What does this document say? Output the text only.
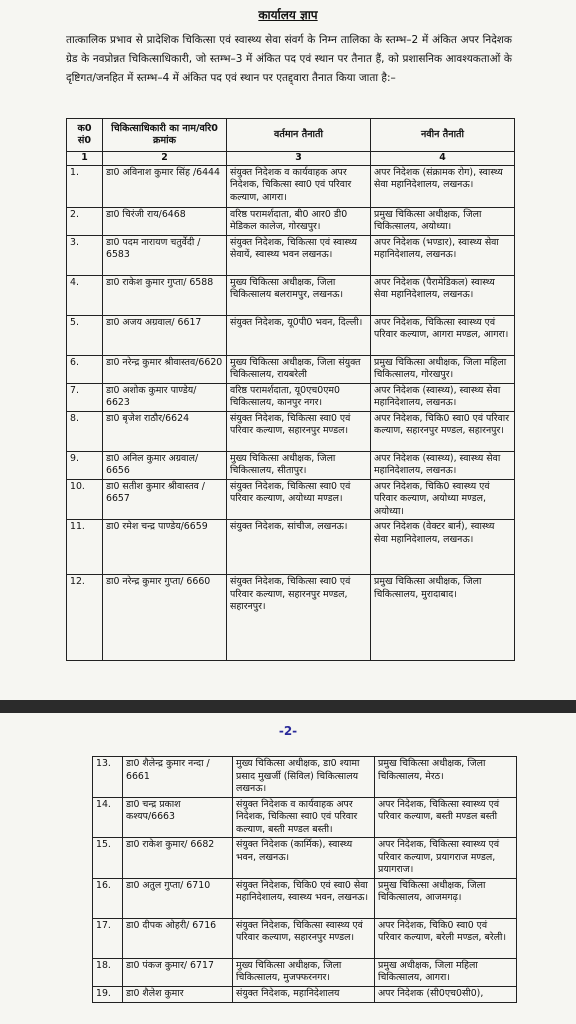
कार्यालय ज्ञाप
तात्कालिक प्रभाव से प्रादेशिक चिकित्सा एवं स्वास्थ्य सेवा संवर्ग के निम्न तालिका के स्तम्भ–2 में अंकित अपर निदेशक ग्रेड के नवप्रोन्नत चिकित्साधिकारी, जो स्तम्भ–3 में अंकित पद एवं स्थान पर तैनात हैं, को प्रशासनिक आवश्यकताओं के दृष्टिगत/जनहित में स्तम्भ–4 में अंकित पद एवं स्थान पर एतद्द्वारा तैनात किया जाता है:–
क0 सं0	चिकित्साधिकारी का नाम/वरि0 क्रमांक	वर्तमान तैनाती	नवीन तैनाती
1	2	3	4
1.	डा0 अविनाश कुमार सिंह /6444	संयुक्त निदेशक व कार्यवाहक अपर निदेशक, चिकित्सा स्वा0 एवं परिवार कल्याण, आगरा।	अपर निदेशक (संक्रामक रोग), स्वास्थ्य सेवा महानिदेशालय, लखनऊ।
2.	डा0 चिरंजी राय/6468	वरिष्ठ परामर्शदाता, बी0 आर0 डी0 मेडिकल कालेज, गोरखपुर।	प्रमुख चिकित्सा अधीक्षक, जिला चिकित्सालय, अयोध्या।
3.	डा0 पदम नारायण चतुर्वेदी / 6583	संयुक्त निदेशक, चिकित्सा एवं स्वास्थ्य सेवायें, स्वास्थ्य भवन लखनऊ।	अपर निदेशक (भण्डार), स्वास्थ्य सेवा महानिदेशालय, लखनऊ।
4.	डा0 राकेश कुमार गुप्ता/ 6588	मुख्य चिकित्सा अधीक्षक, जिला चिकित्सालय बलरामपुर, लखनऊ।	अपर निदेशक (पैरामेडिकल) स्वास्थ्य सेवा महानिदेशालय, लखनऊ।
5.	डा0 अजय अग्रवाल/ 6617	संयुक्त निदेशक, यू0पी0 भवन, दिल्ली।	अपर निदेशक, चिकित्सा स्वास्थ्य एवं परिवार कल्याण, आगरा मण्डल, आगरा।
6.	डा0 नरेन्द्र कुमार श्रीवास्तव/6620	मुख्य चिकित्सा अधीक्षक, जिला संयुक्त चिकित्सालय, रायबरेली	प्रमुख चिकित्सा अधीक्षक, जिला महिला चिकित्सालय, गोरखपुर।
7.	डा0 अशोक कुमार पाण्डेय/ 6623	वरिष्ठ परामर्शदाता, यू0एच0एम0 चिकित्सालय, कानपुर नगर।	अपर निदेशक (स्वास्थ्य), स्वास्थ्य सेवा महानिदेशालय, लखनऊ।
8.	डा0 बृजेश राठौर/6624	संयुक्त निदेशक, चिकित्सा स्वा0 एवं परिवार कल्याण, सहारनपुर मण्डल।	अपर निदेशक, चिकि0 स्वा0 एवं परिवार कल्याण, सहारनपुर मण्डल, सहारनपुर।
9.	डा0 अनिल कुमार अग्रवाल/ 6656	मुख्य चिकित्सा अधीक्षक, जिला चिकित्सालय, सीतापुर।	अपर निदेशक (स्वास्थ्य), स्वास्थ्य सेवा महानिदेशालय, लखनऊ।
10.	डा0 सतीश कुमार श्रीवास्तव / 6657	संयुक्त निदेशक, चिकित्सा स्वा0 एवं परिवार कल्याण, अयोध्या मण्डल।	अपर निदेशक, चिकि0 स्वास्थ्य एवं परिवार कल्याण, अयोध्या मण्डल, अयोध्या।
11.	डा0 रमेश चन्द्र पाण्डेय/6659	संयुक्त निदेशक, सांचीज, लखनऊ।	अपर निदेशक (वेक्टर बार्न), स्वास्थ्य सेवा महानिदेशालय, लखनऊ।
12.	डा0 नरेन्द्र कुमार गुप्ता/ 6660	संयुक्त निदेशक, चिकित्सा स्वा0 एवं परिवार कल्याण, सहारनपुर मण्डल, सहारनपुर।	प्रमुख चिकित्सा अधीक्षक, जिला चिकित्सालय, मुरादाबाद।
-2-
13.	डा0 शैलेन्द्र कुमार नन्दा / 6661	मुख्य चिकित्सा अधीक्षक, डा0 श्यामा प्रसाद मुखर्जी (सिविल) चिकित्सालय लखनऊ।	प्रमुख चिकित्सा अधीक्षक, जिला चिकित्सालय, मेरठ।
14.	डा0 चन्द्र प्रकाश कश्यप/6663	संयुक्त निदेशक व कार्यवाहक अपर निदेशक, चिकित्सा स्वा0 एवं परिवार कल्याण, बस्ती मण्डल बस्ती।	अपर निदेशक, चिकित्सा स्वास्थ्य एवं परिवार कल्याण, बस्ती मण्डल बस्ती
15.	डा0 राकेश कुमार/ 6682	संयुक्त निदेशक (कार्मिक), स्वास्थ्य भवन, लखनऊ।	अपर निदेशक, चिकित्सा स्वास्थ्य एवं परिवार कल्याण, प्रयागराज मण्डल, प्रयागराज।
16.	डा0 अतुल गुप्ता/ 6710	संयुक्त निदेशक, चिकि0 एवं स्वा0 सेवा महानिदेशालय, स्वास्थ्य भवन, लखनऊ।	प्रमुख चिकित्सा अधीक्षक, जिला चिकित्सालय, आजमगढ़।
17.	डा0 दीपक ओहरी/ 6716	संयुक्त निदेशक, चिकित्सा स्वास्थ्य एवं परिवार कल्याण, सहारनपुर मण्डल।	अपर निदेशक, चिकि0 स्वा0 एवं परिवार कल्याण, बरेली मण्डल, बरेली।
18.	डा0 पंकज कुमार/ 6717	मुख्य चिकित्सा अधीक्षक, जिला चिकित्सालय, मुजफ्फरनगर।	प्रमुख अधीक्षक, जिला महिला चिकित्सालय, आगरा।
19.	डा0 शैलेश कुमार	संयुक्त निदेशक, महानिदेशालय	अपर निदेशक (सी0एच0सी0),
